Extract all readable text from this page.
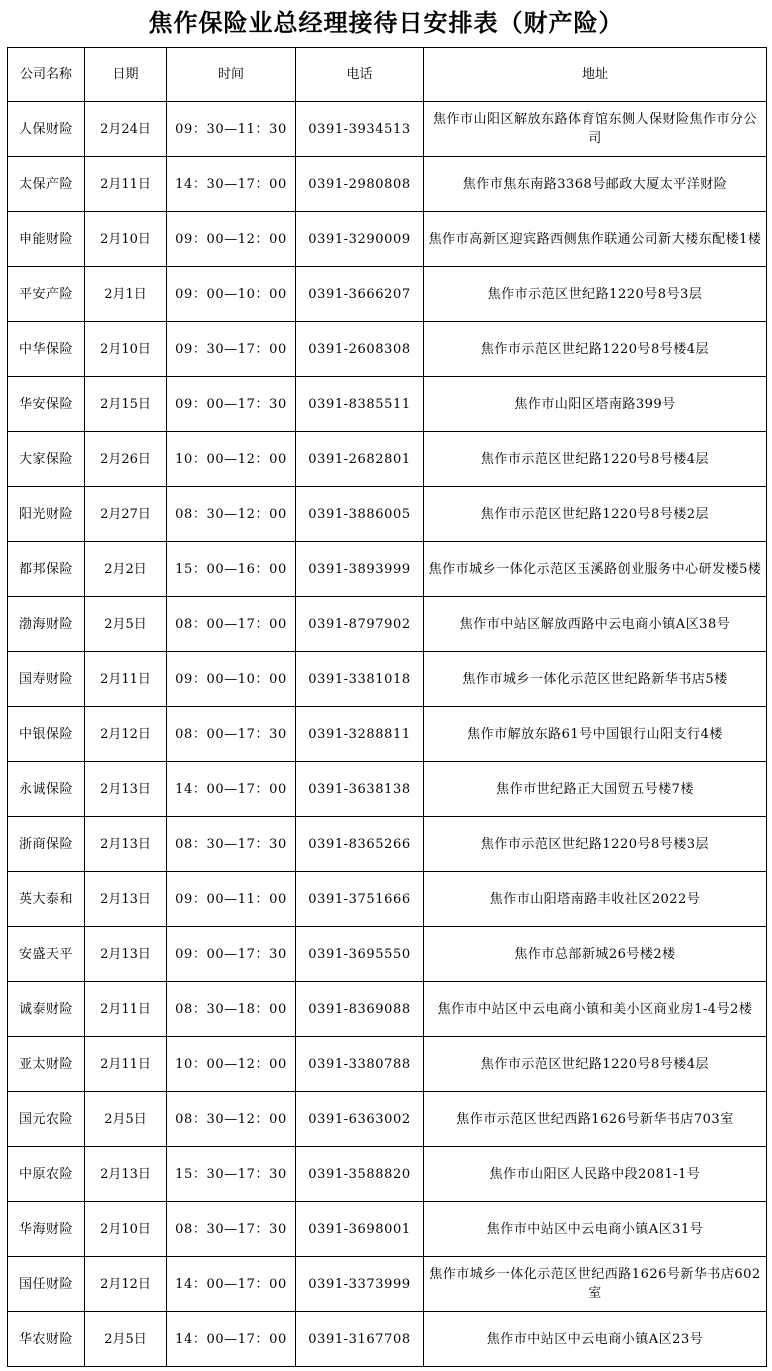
焦作保险业总经理接待日安排表（财产险）
公司名称	日期	时间	电话	地址
人保财险	2月24日	09：30—11：30	0391-3934513	焦作市山阳区解放东路体育馆东侧人保财险焦作市分公司
太保产险	2月11日	14：30—17：00	0391-2980808	焦作市焦东南路3368号邮政大厦太平洋财险
申能财险	2月10日	09：00—12：00	0391-3290009	焦作市高新区迎宾路西侧焦作联通公司新大楼东配楼1楼
平安产险	2月1日	09：00—10：00	0391-3666207	焦作市示范区世纪路1220号8号3层
中华保险	2月10日	09：30—17：00	0391-2608308	焦作市示范区世纪路1220号8号楼4层
华安保险	2月15日	09：00—17：30	0391-8385511	焦作市山阳区塔南路399号
大家保险	2月26日	10：00—12：00	0391-2682801	焦作市示范区世纪路1220号8号楼4层
阳光财险	2月27日	08：30—12：00	0391-3886005	焦作市示范区世纪路1220号8号楼2层
都邦保险	2月2日	15：00—16：00	0391-3893999	焦作市城乡一体化示范区玉溪路创业服务中心研发楼5楼
渤海财险	2月5日	08：00—17：00	0391-8797902	焦作市中站区解放西路中云电商小镇A区38号
国寿财险	2月11日	09：00—10：00	0391-3381018	焦作市城乡一体化示范区世纪路新华书店5楼
中银保险	2月12日	08：00—17：30	0391-3288811	焦作市解放东路61号中国银行山阳支行4楼
永诚保险	2月13日	14：00—17：00	0391-3638138	焦作市世纪路正大国贸五号楼7楼
浙商保险	2月13日	08：30—17：30	0391-8365266	焦作市示范区世纪路1220号8号楼3层
英大泰和	2月13日	09：00—11：00	0391-3751666	焦作市山阳塔南路丰收社区2022号
安盛天平	2月13日	09：00—17：30	0391-3695550	焦作市总部新城26号楼2楼
诚泰财险	2月11日	08：30—18：00	0391-8369088	焦作市中站区中云电商小镇和美小区商业房1-4号2楼
亚太财险	2月11日	10：00—12：00	0391-3380788	焦作市示范区世纪路1220号8号楼4层
国元农险	2月5日	08：30—12：00	0391-6363002	焦作市示范区世纪西路1626号新华书店703室
中原农险	2月13日	15：30—17：30	0391-3588820	焦作市山阳区人民路中段2081-1号
华海财险	2月10日	08：30—17：30	0391-3698001	焦作市中站区中云电商小镇A区31号
国任财险	2月12日	14：00—17：00	0391-3373999	焦作市城乡一体化示范区世纪西路1626号新华书店602室
华农财险	2月5日	14：00—17：00	0391-3167708	焦作市中站区中云电商小镇A区23号
